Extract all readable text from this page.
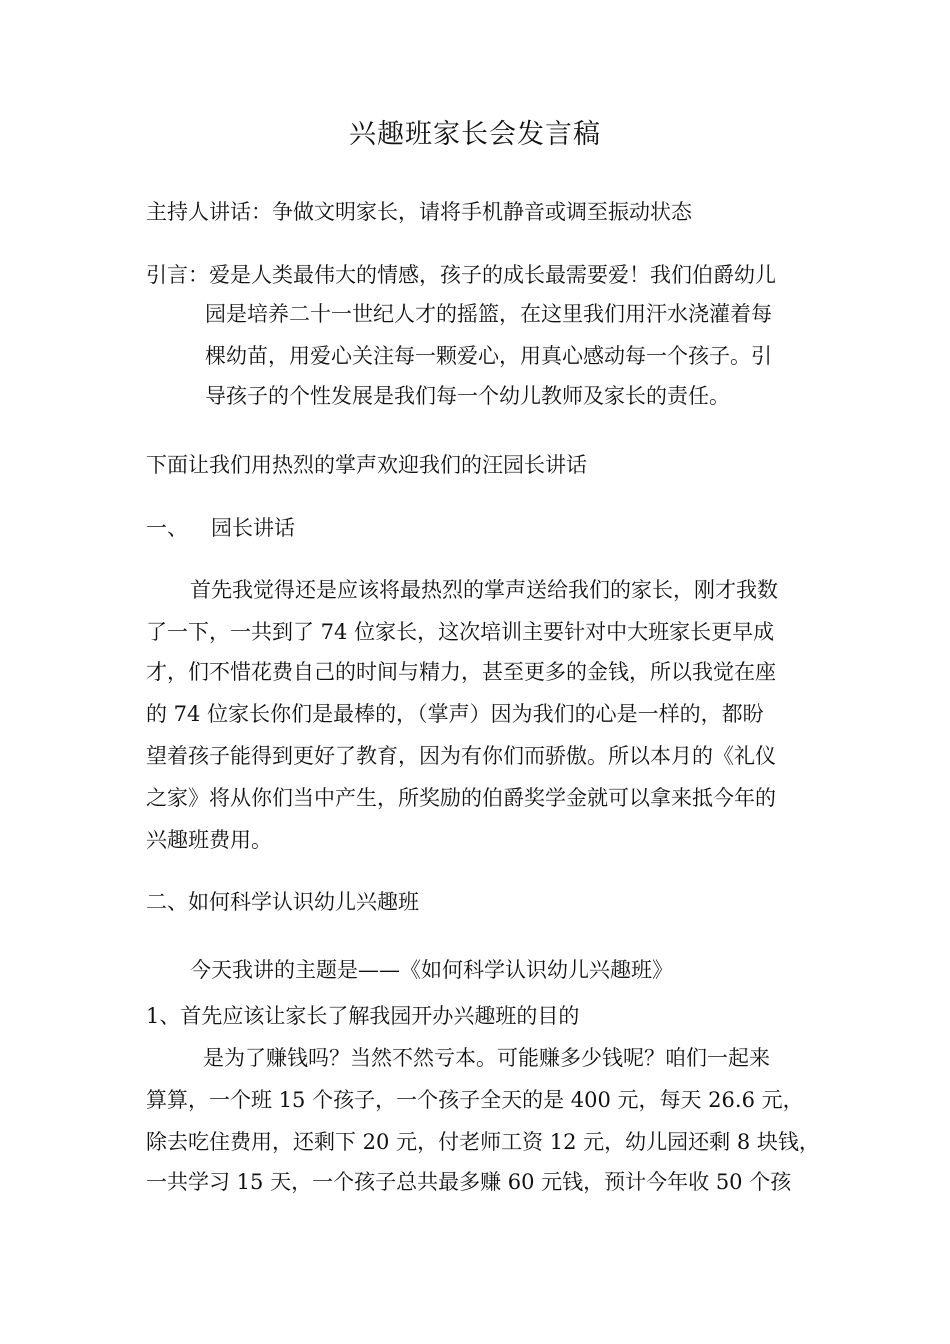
兴趣班家长会发言稿
主持人讲话：争做文明家长，请将手机静音或调至振动状态
引言：爱是人类最伟大的情感，孩子的成长最需要爱！我们伯爵幼儿
园是培养二十一世纪人才的摇篮，在这里我们用汗水浇灌着每
棵幼苗，用爱心关注每一颗爱心，用真心感动每一个孩子。引
导孩子的个性发展是我们每一个幼儿教师及家长的责任。
下面让我们用热烈的掌声欢迎我们的汪园长讲话
一、 园长讲话
首先我觉得还是应该将最热烈的掌声送给我们的家长，刚才我数
了一下，一共到了 74 位家长，这次培训主要针对中大班家长更早成
才，们不惜花费自己的时间与精力，甚至更多的金钱，所以我觉在座
的 74 位家长你们是最棒的，（掌声）因为我们的心是一样的，都盼
望着孩子能得到更好了教育，因为有你们而骄傲。所以本月的《礼仪
之家》将从你们当中产生，所奖励的伯爵奖学金就可以拿来抵今年的
兴趣班费用。
二、如何科学认识幼儿兴趣班
今天我讲的主题是——《如何科学认识幼儿兴趣班》
1、首先应该让家长了解我园开办兴趣班的目的
是为了赚钱吗？当然不然亏本。可能赚多少钱呢？咱们一起来
算算，一个班 15 个孩子，一个孩子全天的是 400 元，每天 26.6 元，
除去吃住费用，还剩下 20 元，付老师工资 12 元，幼儿园还剩 8 块钱，
一共学习 15 天，一个孩子总共最多赚 60 元钱，预计今年收 50 个孩
